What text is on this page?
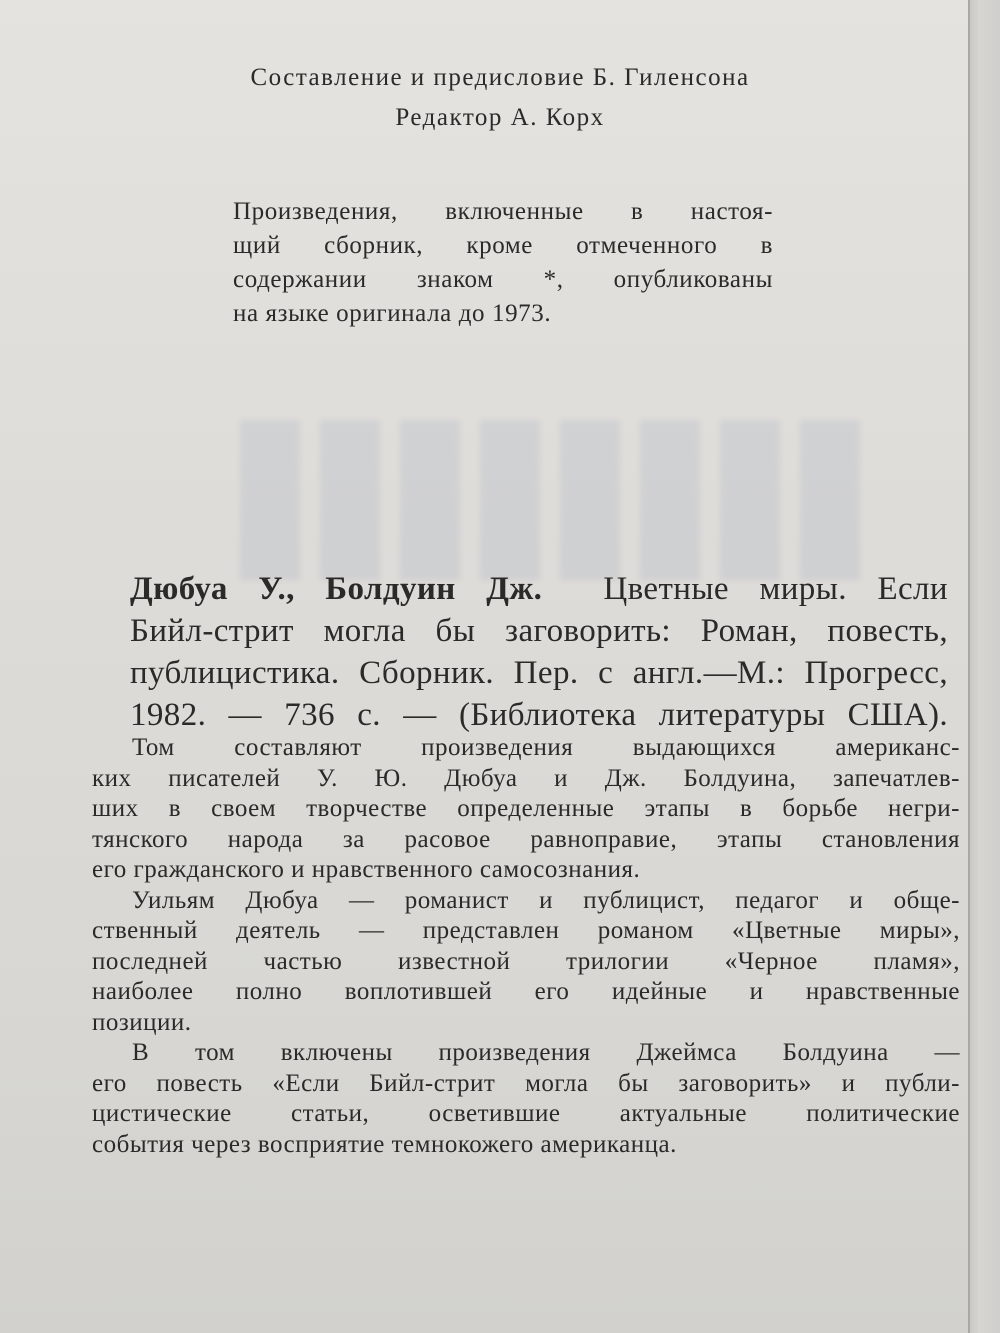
Составление и предисловие Б. Гиленсона
Редактор А. Корх
Произведения, включенные в настоя-
щий сборник, кроме отмеченного в
содержании знаком *, опубликованы
на языке оригинала до 1973.
Дюбуа У., Болдуин Дж. Цветные миры. Если
Бийл-стрит могла бы заговорить: Роман, повесть,
публицистика. Сборник. Пер. с англ.—М.: Прогресс,
1982. — 736 с. — (Библиотека литературы США).
Том составляют произведения выдающихся американс-
ких писателей У. Ю. Дюбуа и Дж. Болдуина, запечатлев-
ших в своем творчестве определенные этапы в борьбе негри-
тянского народа за расовое равноправие, этапы становления
его гражданского и нравственного самосознания.
Уильям Дюбуа — романист и публицист, педагог и обще-
ственный деятель — представлен романом «Цветные миры»,
последней частью известной трилогии «Черное пламя»,
наиболее полно воплотившей его идейные и нравственные
позиции.
В том включены произведения Джеймса Болдуина —
его повесть «Если Бийл-стрит могла бы заговорить» и публи-
цистические статьи, осветившие актуальные политические
события через восприятие темнокожего американца.
